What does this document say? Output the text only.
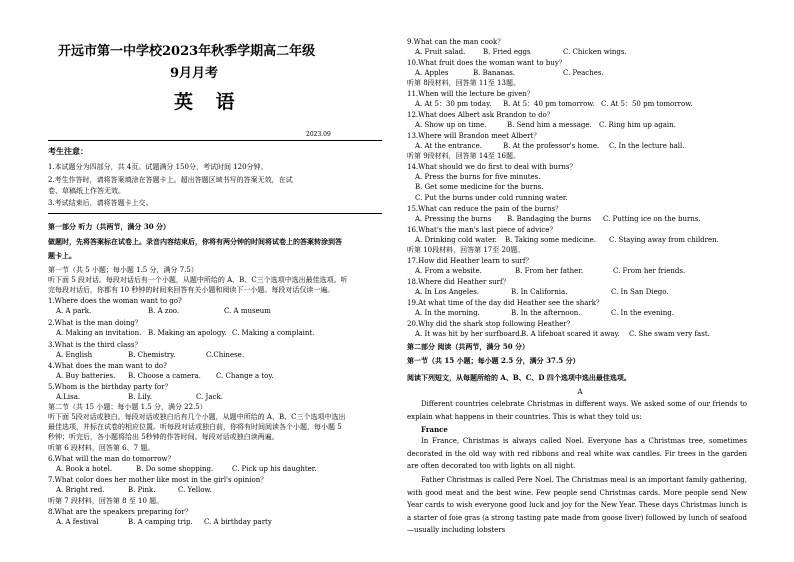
开远市第一中学校2023年秋季学期高二年级
9月月考
英 语
2023.09
考生注意：
1.本试题分为四部分，共 4页。试题满分 150分，考试时间 120分钟。
2.考生作答时，请将答案填涂在答题卡上。超出答题区域书写的答案无效，在试
卷、草稿纸上作答无效。
3.考试结束后，请将答题卡上交。
第一部分 听力（共两节，满分 30 分）
做题时，先将答案标在试卷上。录音内容结束后，你将有两分钟的时间将试卷上的答案转涂到答
题卡上。
第一节（共 5 小题；每小题 1.5 分，满分 7.5）
听下面 5 段对话。每段对话后有一个小题，从题中所给的 A、B、C三个选项中选出最佳选项。听
完每段对话后，你都有 10 秒钟的时间来回答有关小题和阅读下一小题。每段对话仅读一遍。
1.Where does the woman want to go?
A. A park.	B. A zoo.	C. A museum
2.What is the man doing？
A. Making an invitation. B. Making an apology. C. Making a complaint.
3.What is the third class？
A. English	B. Chemistry.	C.Chinese.
4.What does the man want to do?
A. Buy batteries. B. Choose a camera. C. Change a toy.
5.Whom is the birthday party for？
A.Lisa.	B. Lily.	C. Jack.
第二节（共 15 小题；每小题 1.5 分，满分 22.5）
听下面 5段对话或独白。每段对话或独白后有几个小题，从题中所给的 A、B、C三个选项中选出
最佳选项，并标在试卷的相应位置。听每段对话或独白前，你将有时间阅读各个小题，每小题 5
秒钟；听完后，各小题将给出 5秒钟的作答时间。每段对话或独白读两遍。
听第 6 段材料，回答第 6、7 题。
6.What will the man do tomorrow？
A. Book a hotel.	B. Do some shopping.	C. Pick up his daughter.
7.What color does her mother like most in the girl's opinion？
A. Bright red.	B. Pink.	C. Yellow.
听第 7 段材料，回答第 8 至 10 题。
8.What are the speakers preparing for？
A. A festival	B. A camping trip. C. A birthday party
9.What can the man cook？
A. Fruit salad.	B. Fried eggs	C. Chicken wings.
10.What fruit does the woman want to buy？
A. Apples	B. Bananas.	C. Peaches.
听第 8段材料，回答第 11至 13题。
11.When will the lecture be given？
A. At 5：30 pm today. B. At 5：40 pm tomorrow. C. At 5：50 pm tomorrow.
12.What does Albert ask Brandon to do？
A. Show up on time.	B. Send him a message. C. Ring him up again.
13.Where will Brandon meet Albert？
A. At the entrance.	B. At the professor's home. C. In the lecture hall.
听第 9段材料，回答第 14至 16题。
14.What should we do first to deal with burns？
A. Press the burns for five minutes.
B. Get some medicine for the burns.
C. Put the burns under cold running water.
15.What can reduce the pain of the burns？
A. Pressing the burns B. Bandaging the burns C. Putting ice on the burns.
16.What's the man's last piece of advice？
A. Drinking cold water. B. Taking some medicine. C. Staying away from children.
听第 10段材料，回答第 17至 20题。
17.How did Heather learn to surf？
A. From a website.	B. From her father.	C. From her friends.
18.Where did Heather surf？
A. In Los Angeles.	B. In California.	C. In San Diego.
19.At what time of the day did Heather see the shark？
A. In the morning.	B. In the afternoon.	C. In the evening.
20.Why did the shark stop following Heather？
A. It was hit by her surfboard. B. A lifeboat scared it away. C. She swam very fast.
第二部分 阅读（共两节，满分 50 分）
第一节（共 15 小题；每小题 2.5 分，满分 37.5 分）
阅读下列短文，从每题所给的 A、B、C、D 四个选项中选出最佳选项。
A
Different countries celebrate Christmas in different ways. We asked some of our friends to explain what happens in their countries. This is what they told us:
France
In France, Christmas is always called Noel. Everyone has a Christmas tree, sometimes decorated in the old way with red ribbons and real white wax candles. Fir trees in the garden are often decorated too with lights on all night.
Father Christmas is called Pere Noel. The Christmas meal is an important family gathering, with good meat and the best wine. Few people send Christmas cards. More people send New Year cards to wish everyone good luck and joy for the New Year. These days Christmas lunch is a starter of foie gras (a strong tasting pate made from goose liver) followed by lunch of seafood—usually including lobsters
